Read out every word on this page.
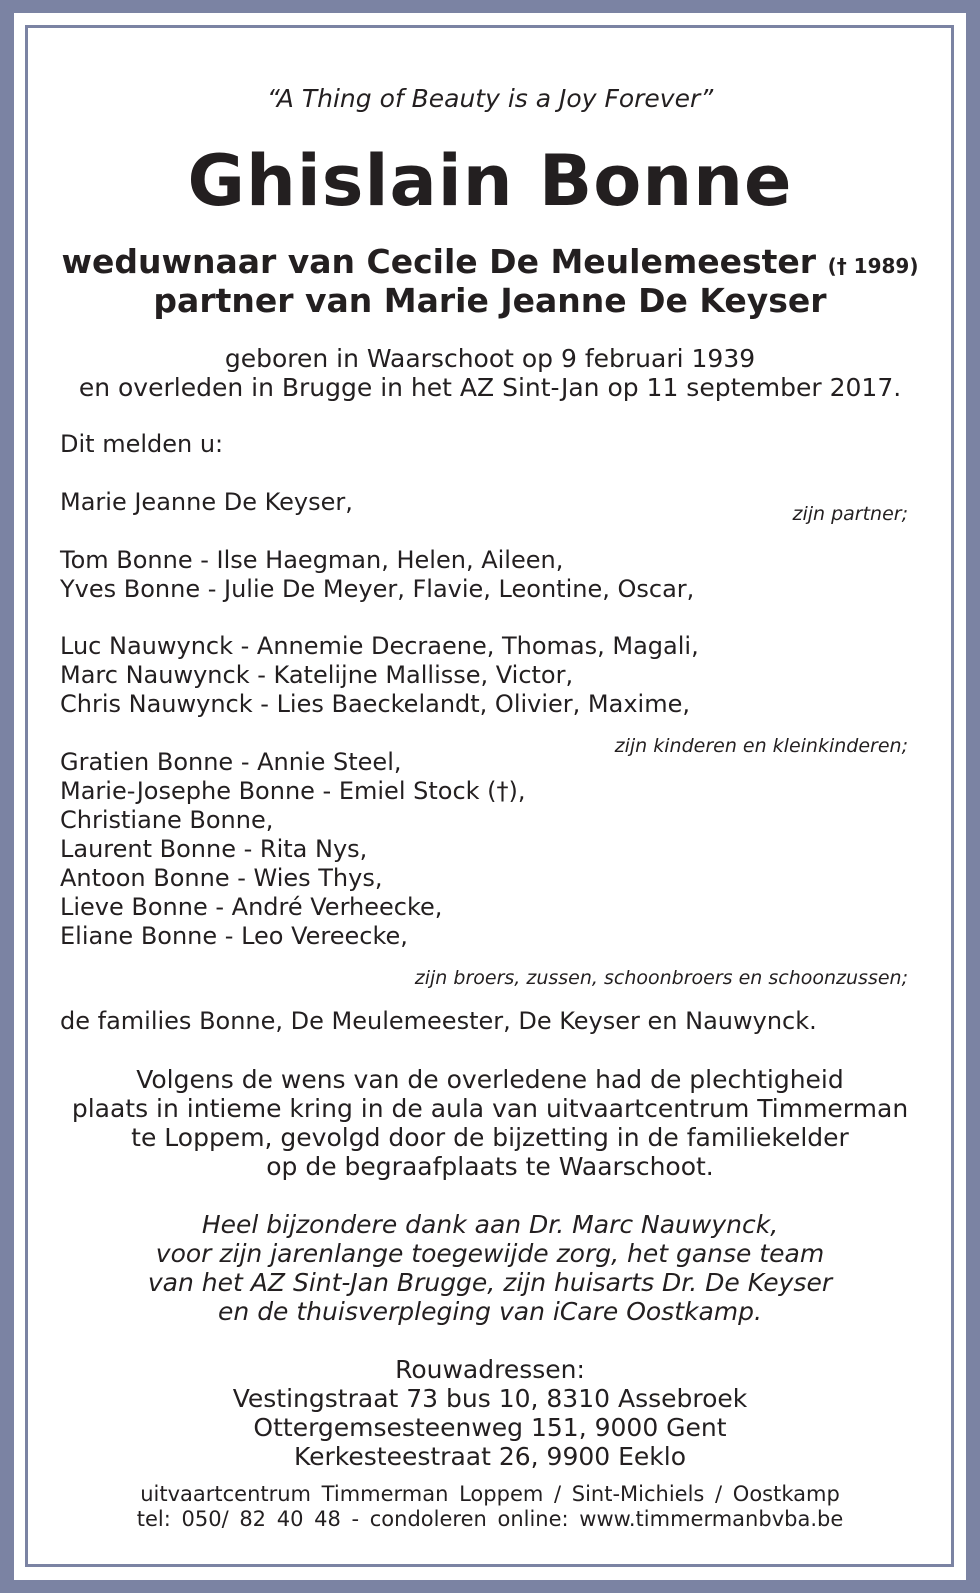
“A Thing of Beauty is a Joy Forever”
Ghislain Bonne
weduwnaar van Cecile De Meulemeester († 1989)
partner van Marie Jeanne De Keyser
geboren in Waarschoot op 9 februari 1939
en overleden in Brugge in het AZ Sint-Jan op 11 september 2017.
Dit melden u:
Marie Jeanne De Keyser,	zijn partner;
Tom Bonne - Ilse Haegman, Helen, Aileen,
Yves Bonne - Julie De Meyer, Flavie, Leontine, Oscar,
Luc Nauwynck - Annemie Decraene, Thomas, Magali,
Marc Nauwynck - Katelijne Mallisse, Victor,
Chris Nauwynck - Lies Baeckelandt, Olivier, Maxime,
zijn kinderen en kleinkinderen;
Gratien Bonne - Annie Steel,
Marie-Josephe Bonne - Emiel Stock (†),
Christiane Bonne,
Laurent Bonne - Rita Nys,
Antoon Bonne - Wies Thys,
Lieve Bonne - André Verheecke,
Eliane Bonne - Leo Vereecke,
zijn broers, zussen, schoonbroers en schoonzussen;
de families Bonne, De Meulemeester, De Keyser en Nauwynck.
Volgens de wens van de overledene had de plechtigheid
plaats in intieme kring in de aula van uitvaartcentrum Timmerman
te Loppem, gevolgd door de bijzetting in de familiekelder
op de begraafplaats te Waarschoot.
Heel bijzondere dank aan Dr. Marc Nauwynck,
voor zijn jarenlange toegewijde zorg, het ganse team
van het AZ Sint-Jan Brugge, zijn huisarts Dr. De Keyser
en de thuisverpleging van iCare Oostkamp.
Rouwadressen:
Vestingstraat 73 bus 10, 8310 Assebroek
Ottergemsesteenweg 151, 9000 Gent
Kerkesteestraat 26, 9900 Eeklo
uitvaartcentrum Timmerman Loppem / Sint-Michiels / Oostkamp
tel: 050/ 82 40 48 - condoleren online: www.timmermanbvba.be
